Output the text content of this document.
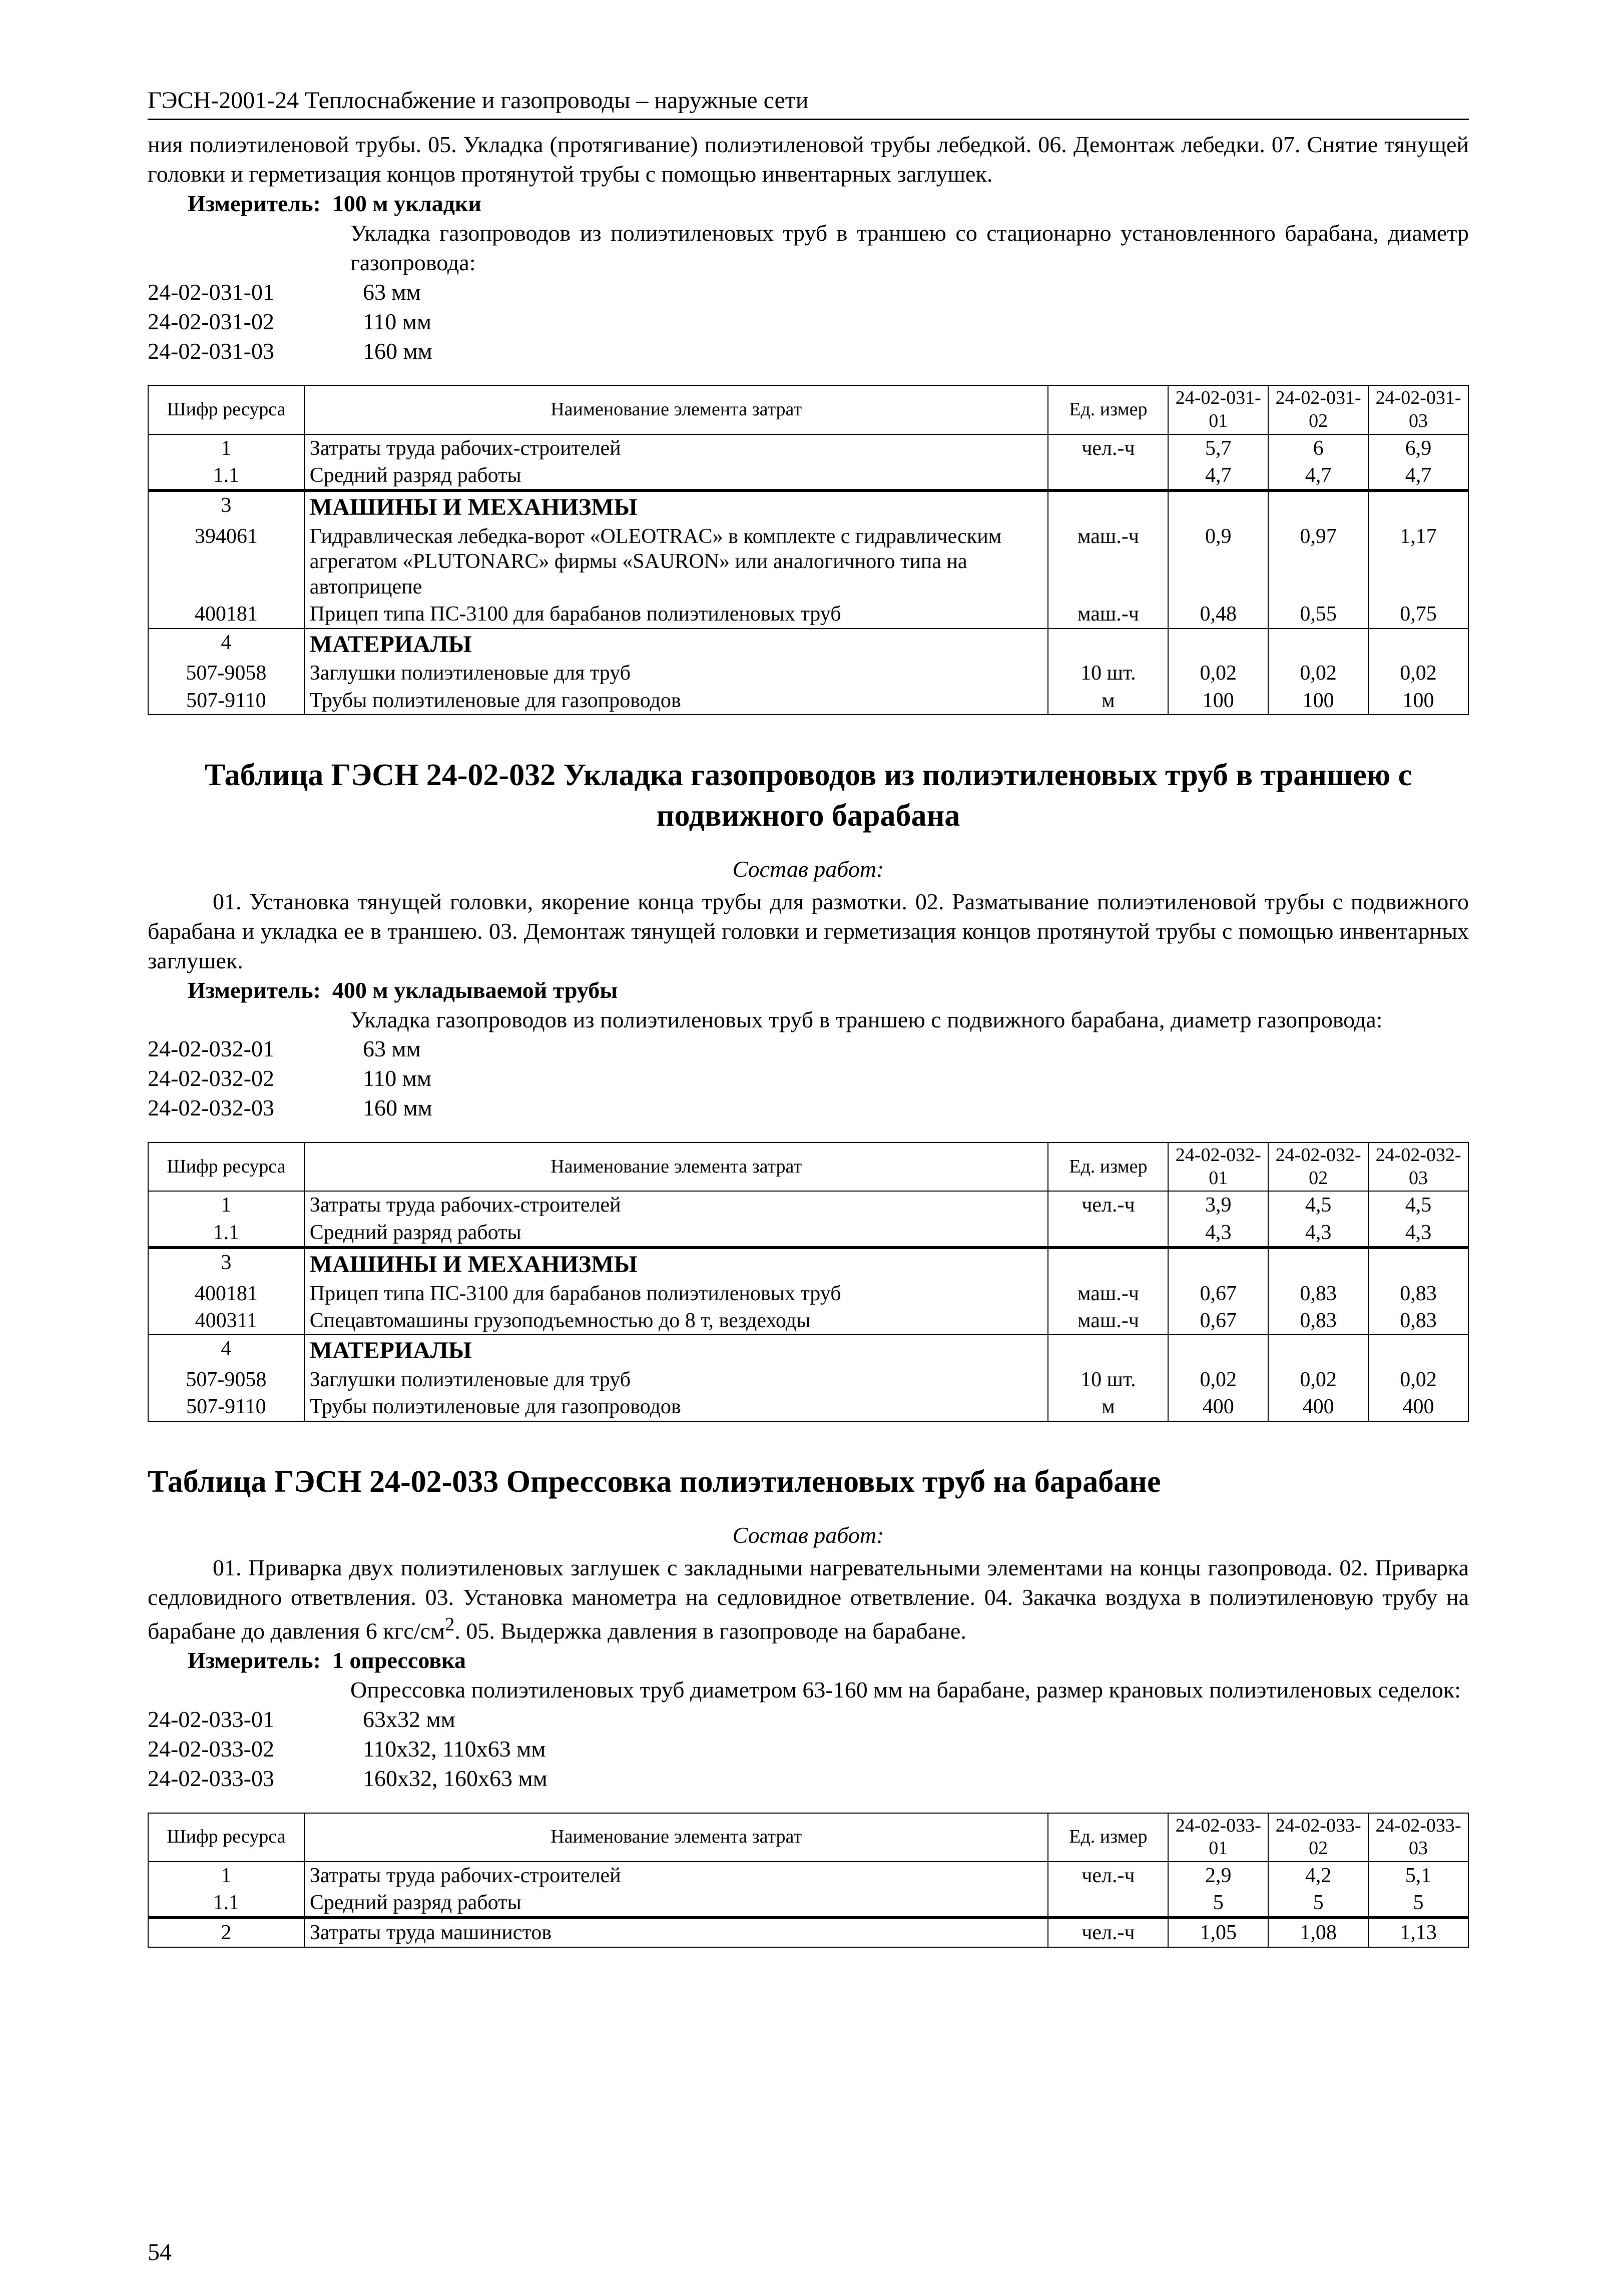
ГЭСН-2001-24 Теплоснабжение и газопроводы – наружные сети

ния полиэтиленовой трубы. 05. Укладка (протягивание) полиэтиленовой трубы лебедкой. 06. Демонтаж лебедки. 07. Снятие тянущей головки и герметизация концов протянутой трубы с помощью инвентарных заглушек.

Измеритель: 100 м укладки

Укладка газопроводов из полиэтиленовых труб в траншею со стационарно установленного барабана, диаметр газопровода:

24-02-031-01	63 мм
24-02-031-02	110 мм
24-02-031-03	160 мм
Шифр ресурса	Наименование элемента затрат	Ед. измер	24-02-031-01	24-02-031-02	24-02-031-03
1	Затраты труда рабочих-строителей	чел.-ч	5,7	6	6,9
1.1	Средний разряд работы		4,7	4,7	4,7
3	МАШИНЫ И МЕХАНИЗМЫ				
394061	Гидравлическая лебедка-ворот «OLEOTRAC» в комплекте с гидравлическим агрегатом «PLUTONARC» фирмы «SAURON» или аналогичного типа на автоприцепе	маш.-ч	0,9	0,97	1,17
400181	Прицеп типа ПС-3100 для барабанов полиэтиленовых труб	маш.-ч	0,48	0,55	0,75
4	МАТЕРИАЛЫ				
507-9058	Заглушки полиэтиленовые для труб	10 шт.	0,02	0,02	0,02
507-9110	Трубы полиэтиленовые для газопроводов	м	100	100	100
Таблица ГЭСН 24-02-032 Укладка газопроводов из полиэтиленовых труб в траншею с подвижного барабана
Состав работ:

01. Установка тянущей головки, якорение конца трубы для размотки. 02. Разматывание полиэтиленовой трубы с подвижного барабана и укладка ее в траншею. 03. Демонтаж тянущей головки и герметизация концов протянутой трубы с помощью инвентарных заглушек.

Измеритель: 400 м укладываемой трубы

Укладка газопроводов из полиэтиленовых труб в траншею с подвижного барабана, диаметр газопровода:

24-02-032-01	63 мм
24-02-032-02	110 мм
24-02-032-03	160 мм
Шифр ресурса	Наименование элемента затрат	Ед. измер	24-02-032-01	24-02-032-02	24-02-032-03
1	Затраты труда рабочих-строителей	чел.-ч	3,9	4,5	4,5
1.1	Средний разряд работы		4,3	4,3	4,3
3	МАШИНЫ И МЕХАНИЗМЫ				
400181	Прицеп типа ПС-3100 для барабанов полиэтиленовых труб	маш.-ч	0,67	0,83	0,83
400311	Спецавтомашины грузоподъемностью до 8 т, вездеходы	маш.-ч	0,67	0,83	0,83
4	МАТЕРИАЛЫ				
507-9058	Заглушки полиэтиленовые для труб	10 шт.	0,02	0,02	0,02
507-9110	Трубы полиэтиленовые для газопроводов	м	400	400	400
Таблица ГЭСН 24-02-033 Опрессовка полиэтиленовых труб на барабане
Состав работ:

01. Приварка двух полиэтиленовых заглушек с закладными нагревательными элементами на концы газопровода. 02. Приварка седловидного ответвления. 03. Установка манометра на седловидное ответвление. 04. Закачка воздуха в полиэтиленовую трубу на барабане до давления 6 кгс/$см^2$. 05. Выдержка давления в газопроводе на барабане.

Измеритель: 1 опрессовка

Опрессовка полиэтиленовых труб диаметром 63-160 мм на барабане, размер крановых полиэтиленовых седелок:

24-02-033-01	63х32 мм
24-02-033-02	110х32, 110х63 мм
24-02-033-03	160х32, 160х63 мм
Шифр ресурса	Наименование элемента затрат	Ед. измер	24-02-033-01	24-02-033-02	24-02-033-03
1	Затраты труда рабочих-строителей	чел.-ч	2,9	4,2	5,1
1.1	Средний разряд работы		5	5	5
2	Затраты труда машинистов	чел.-ч	1,05	1,08	1,13
54
